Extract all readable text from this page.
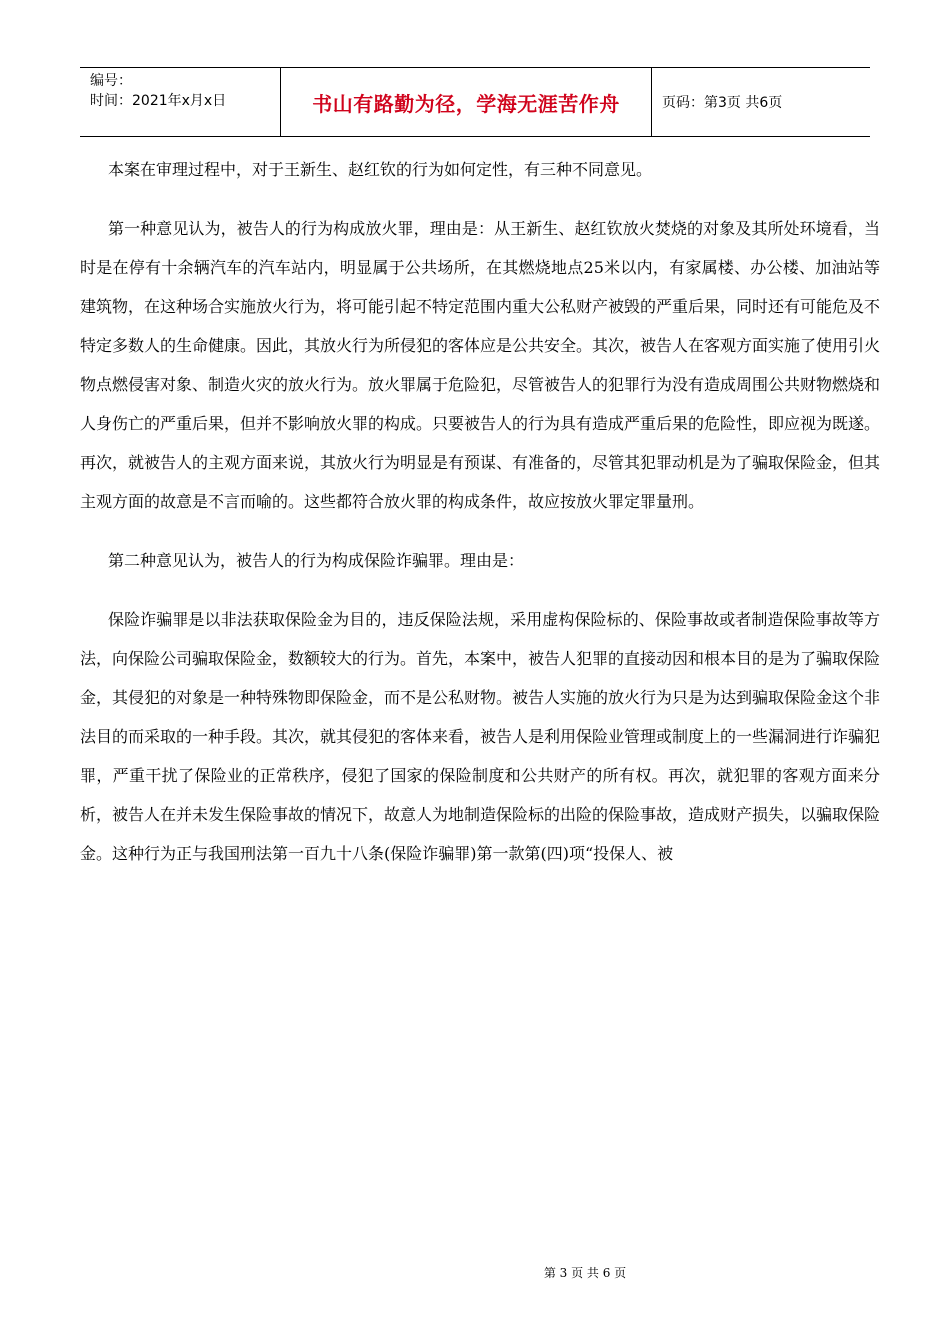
编号：
时间：2021年x月x日	书山有路勤为径，学海无涯苦作舟	页码：第3页 共6页

本案在审理过程中，对于王新生、赵红钦的行为如何定性，有三种不同意见。

第一种意见认为，被告人的行为构成放火罪，理由是：从王新生、赵红钦放火焚烧的对象及其所处环境看，当时是在停有十余辆汽车的汽车站内，明显属于公共场所，在其燃烧地点25米以内，有家属楼、办公楼、加油站等建筑物，在这种场合实施放火行为，将可能引起不特定范围内重大公私财产被毁的严重后果，同时还有可能危及不特定多数人的生命健康。因此，其放火行为所侵犯的客体应是公共安全。其次，被告人在客观方面实施了使用引火物点燃侵害对象、制造火灾的放火行为。放火罪属于危险犯，尽管被告人的犯罪行为没有造成周围公共财物燃烧和人身伤亡的严重后果，但并不影响放火罪的构成。只要被告人的行为具有造成严重后果的危险性，即应视为既遂。再次，就被告人的主观方面来说，其放火行为明显是有预谋、有准备的，尽管其犯罪动机是为了骗取保险金，但其主观方面的故意是不言而喻的。这些都符合放火罪的构成条件，故应按放火罪定罪量刑。

第二种意见认为，被告人的行为构成保险诈骗罪。理由是：

保险诈骗罪是以非法获取保险金为目的，违反保险法规，采用虚构保险标的、保险事故或者制造保险事故等方法，向保险公司骗取保险金，数额较大的行为。首先，本案中，被告人犯罪的直接动因和根本目的是为了骗取保险金，其侵犯的对象是一种特殊物即保险金，而不是公私财物。被告人实施的放火行为只是为达到骗取保险金这个非法目的而采取的一种手段。其次，就其侵犯的客体来看，被告人是利用保险业管理或制度上的一些漏洞进行诈骗犯罪，严重干扰了保险业的正常秩序，侵犯了国家的保险制度和公共财产的所有权。再次，就犯罪的客观方面来分析，被告人在并未发生保险事故的情况下，故意人为地制造保险标的出险的保险事故，造成财产损失，以骗取保险金。这种行为正与我国刑法第一百九十八条(保险诈骗罪)第一款第(四)项“投保人、被

第 3 页 共 6 页
